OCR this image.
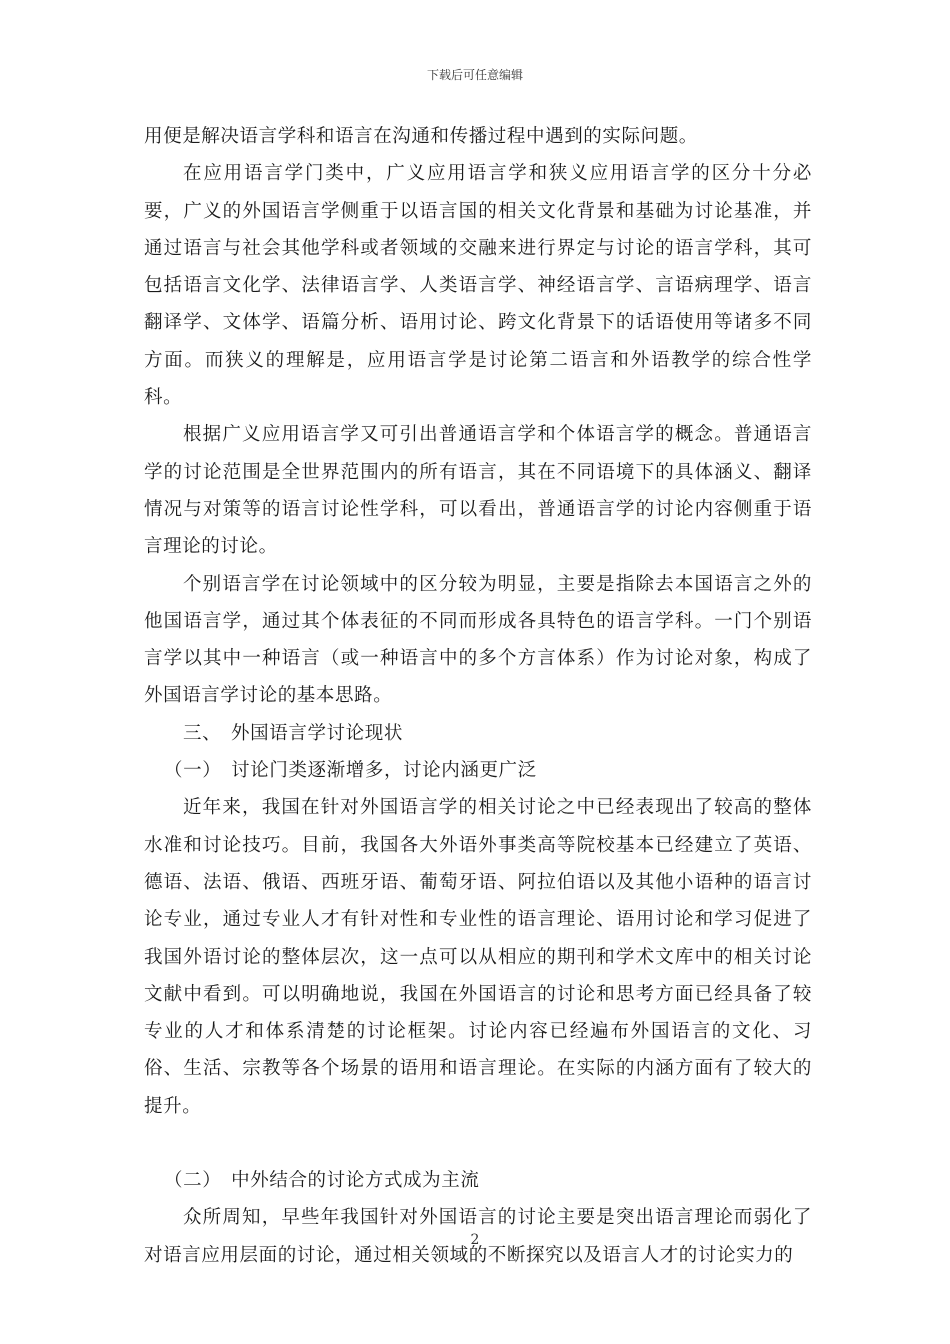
下载后可任意编辑

用便是解决语言学科和语言在沟通和传播过程中遇到的实际问题。

在应用语言学门类中，广义应用语言学和狭义应用语言学的区分十分必要，广义的外国语言学侧重于以语言国的相关文化背景和基础为讨论基准，并通过语言与社会其他学科或者领域的交融来进行界定与讨论的语言学科，其可包括语言文化学、法律语言学、人类语言学、神经语言学、言语病理学、语言翻译学、文体学、语篇分析、语用讨论、跨文化背景下的话语使用等诸多不同方面。而狭义的理解是，应用语言学是讨论第二语言和外语教学的综合性学科。

根据广义应用语言学又可引出普通语言学和个体语言学的概念。普通语言学的讨论范围是全世界范围内的所有语言，其在不同语境下的具体涵义、翻译情况与对策等的语言讨论性学科，可以看出，普通语言学的讨论内容侧重于语言理论的讨论。

个别语言学在讨论领域中的区分较为明显，主要是指除去本国语言之外的他国语言学，通过其个体表征的不同而形成各具特色的语言学科。一门个别语言学以其中一种语言（或一种语言中的多个方言体系）作为讨论对象，构成了外国语言学讨论的基本思路。

三、　外国语言学讨论现状

（一）　讨论门类逐渐增多，讨论内涵更广泛

近年来，我国在针对外国语言学的相关讨论之中已经表现出了较高的整体水准和讨论技巧。目前，我国各大外语外事类高等院校基本已经建立了英语、德语、法语、俄语、西班牙语、葡萄牙语、阿拉伯语以及其他小语种的语言讨论专业，通过专业人才有针对性和专业性的语言理论、语用讨论和学习促进了我国外语讨论的整体层次，这一点可以从相应的期刊和学术文库中的相关讨论文献中看到。可以明确地说，我国在外国语言的讨论和思考方面已经具备了较专业的人才和体系清楚的讨论框架。讨论内容已经遍布外国语言的文化、习俗、生活、宗教等各个场景的语用和语言理论。在实际的内涵方面有了较大的提升。

（二）　中外结合的讨论方式成为主流

众所周知，早些年我国针对外国语言的讨论主要是突出语言理论而弱化了对语言应用层面的讨论，通过相关领域的不断探究以及语言人才的讨论实力的

2
